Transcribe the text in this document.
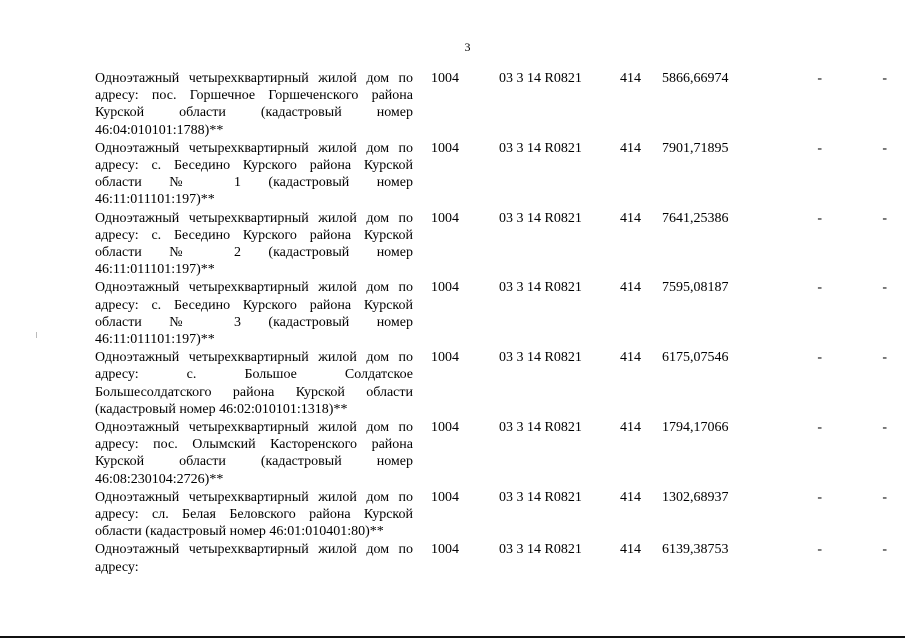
3
Одноэтажный четырехквартирный жилой дом по
адресу: пос. Горшечное Горшеченского района
Курской области (кадастровый номер
46:04:010101:1788)**	1004	03 3 14 R0821	414	5866,66974	-	-

Одноэтажный четырехквартирный жилой дом по
адресу: с. Беседино Курского района Курской
области № 1 (кадастровый номер
46:11:011101:197)**	1004	03 3 14 R0821	414	7901,71895	-	-

Одноэтажный четырехквартирный жилой дом по
адресу: с. Беседино Курского района Курской
области № 2 (кадастровый номер
46:11:011101:197)**	1004	03 3 14 R0821	414	7641,25386	-	-

Одноэтажный четырехквартирный жилой дом по
адресу: с. Беседино Курского района Курской
области № 3 (кадастровый номер
46:11:011101:197)**	1004	03 3 14 R0821	414	7595,08187	-	-

Одноэтажный четырехквартирный жилой дом по
адресу: с. Большое Солдатское
Большесолдатского района Курской области
(кадастровый номер 46:02:010101:1318)**	1004	03 3 14 R0821	414	6175,07546	-	-

Одноэтажный четырехквартирный жилой дом по
адресу: пос. Олымский Касторенского района
Курской области (кадастровый номер
46:08:230104:2726)**	1004	03 3 14 R0821	414	1794,17066	-	-

Одноэтажный четырехквартирный жилой дом по
адресу: сл. Белая Беловского района Курской
области (кадастровый номер 46:01:010401:80)**	1004	03 3 14 R0821	414	1302,68937	-	-

Одноэтажный четырехквартирный жилой дом по
адресу:	1004	03 3 14 R0821	414	6139,38753	-	-
